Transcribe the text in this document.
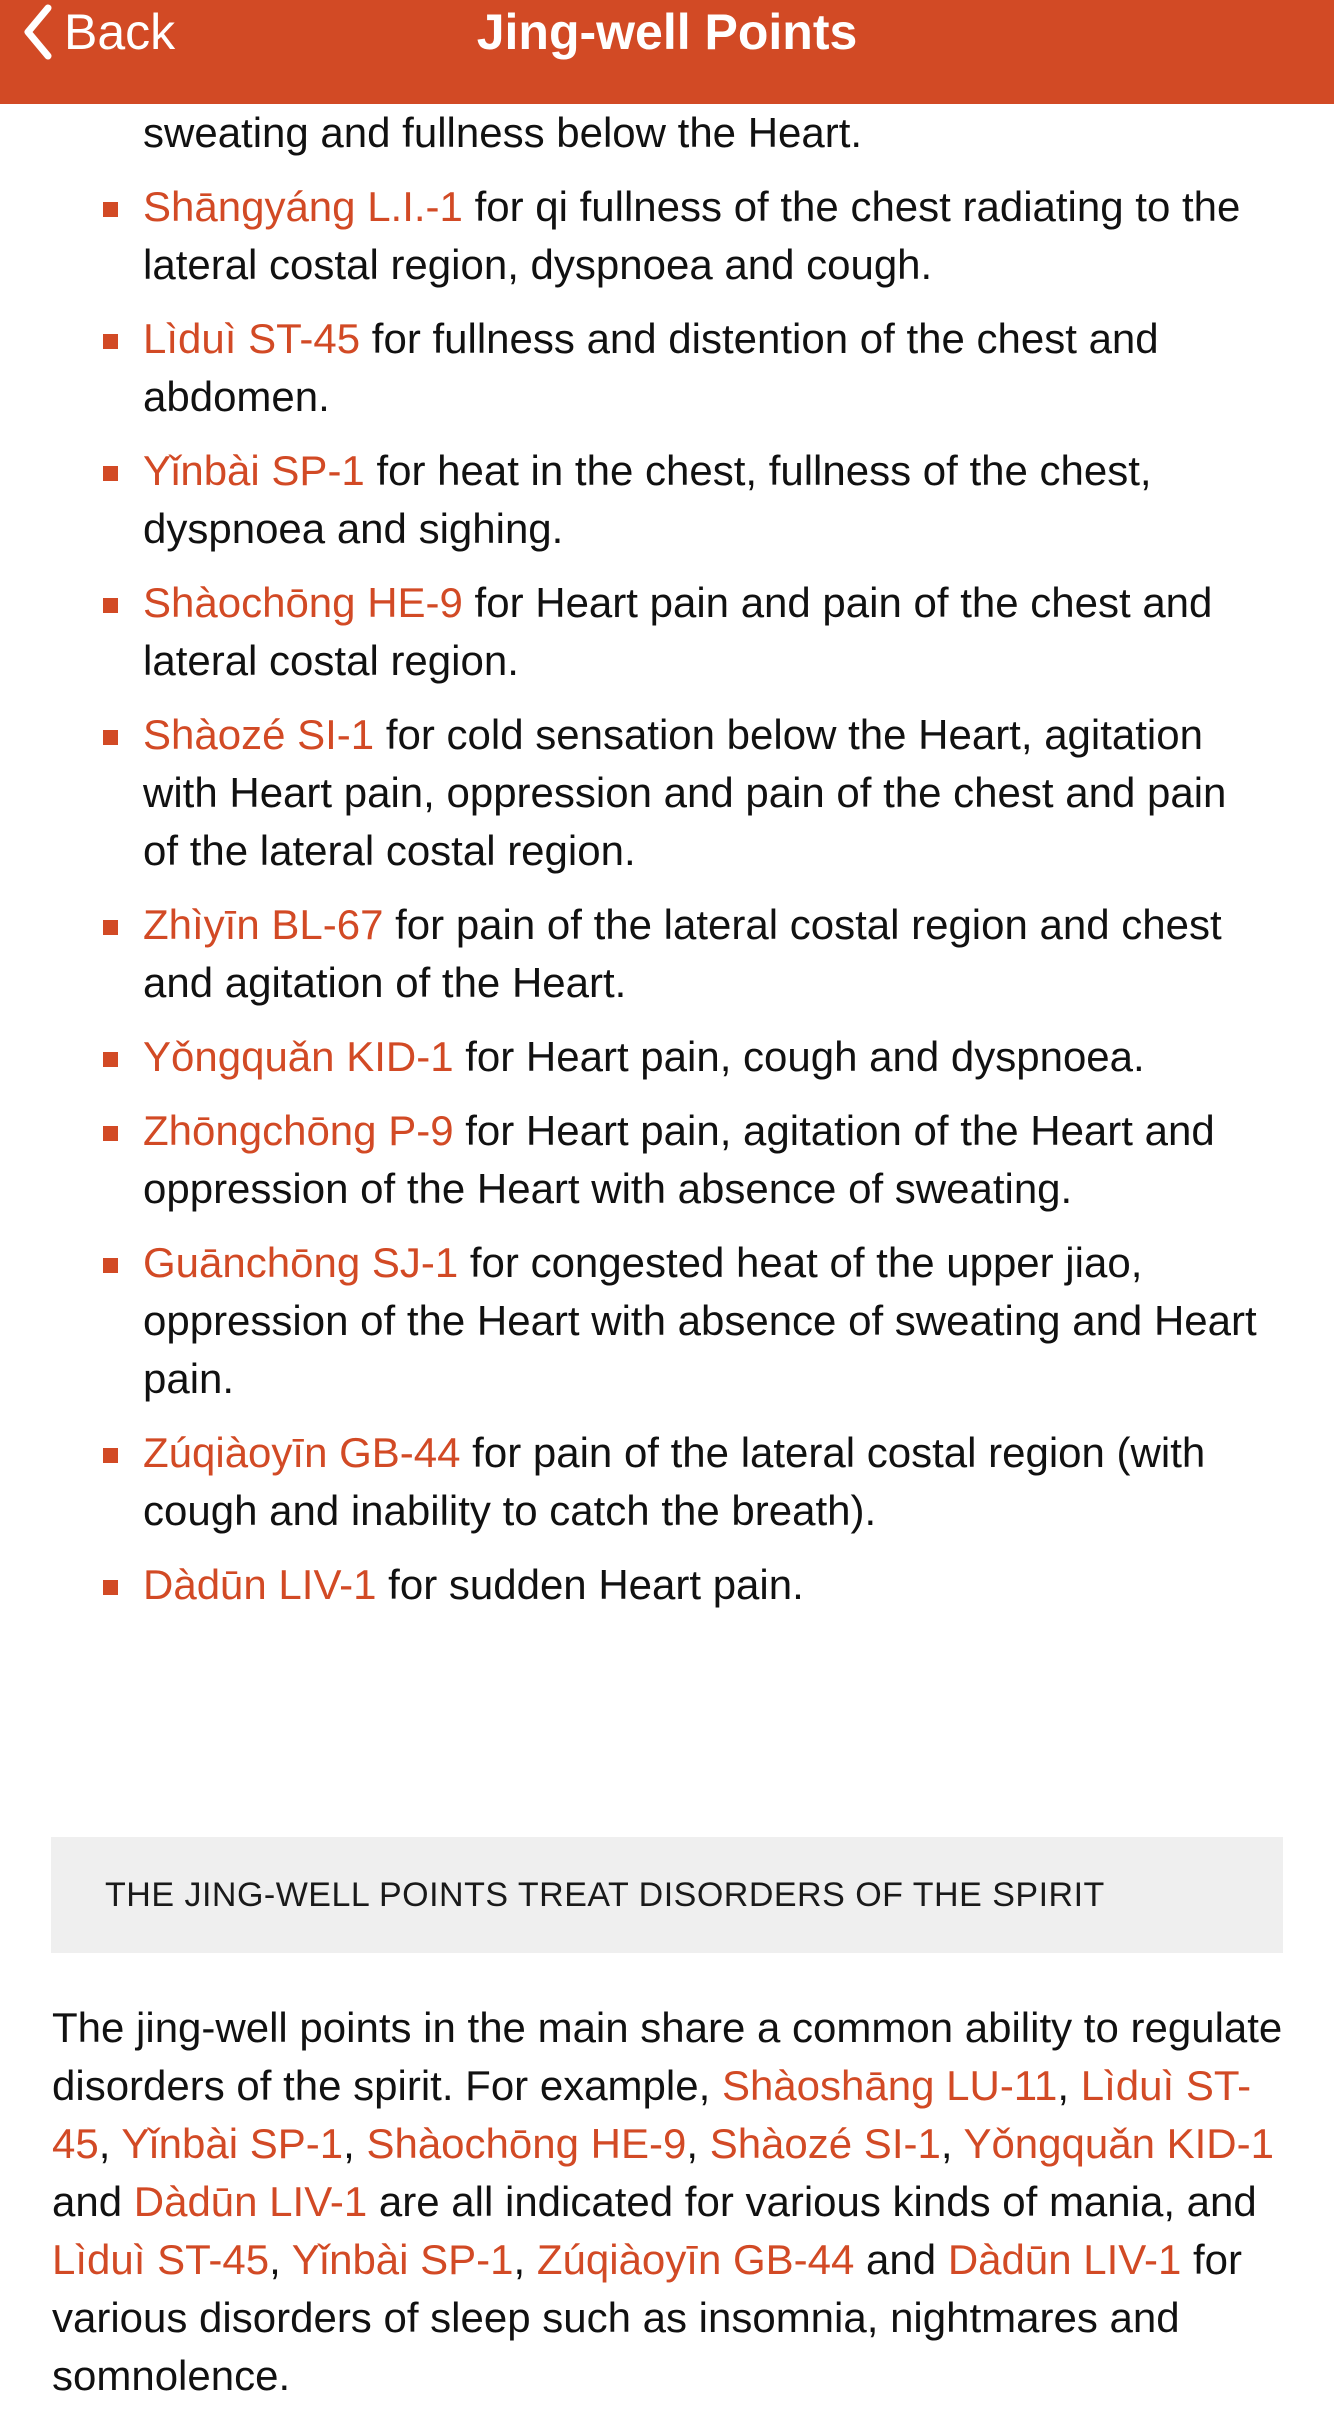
Back	Jing-well Points

sweating and fullness below the Heart.

Shāngyáng L.I.-1 for qi fullness of the chest radiating to the lateral costal region, dyspnoea and cough.
Lìduì ST-45 for fullness and distention of the chest and abdomen.
Yǐnbài SP-1 for heat in the chest, fullness of the chest, dyspnoea and sighing.
Shàochōng HE-9 for Heart pain and pain of the chest and lateral costal region.
Shàozé SI-1 for cold sensation below the Heart, agitation with Heart pain, oppression and pain of the chest and pain of the lateral costal region.
Zhìyīn BL-67 for pain of the lateral costal region and chest and agitation of the Heart.
Yǒngquǎn KID-1 for Heart pain, cough and dyspnoea.
Zhōngchōng P-9 for Heart pain, agitation of the Heart and oppression of the Heart with absence of sweating.
Guānchōng SJ-1 for congested heat of the upper jiao, oppression of the Heart with absence of sweating and Heart pain.
Zúqiàoyīn GB-44 for pain of the lateral costal region (with cough and inability to catch the breath).
Dàdūn LIV-1 for sudden Heart pain.
THE JING-WELL POINTS TREAT DISORDERS OF THE SPIRIT

The jing-well points in the main share a common ability to regulate disorders of the spirit. For example, Shàoshāng LU-11, Lìduì ST-45, Yǐnbài SP-1, Shàochōng HE-9, Shàozé SI-1, Yǒngquǎn KID-1 and Dàdūn LIV-1 are all indicated for various kinds of mania, and Lìduì ST-45, Yǐnbài SP-1, Zúqiàoyīn GB-44 and Dàdūn LIV-1 for various disorders of sleep such as insomnia, nightmares and somnolence.
